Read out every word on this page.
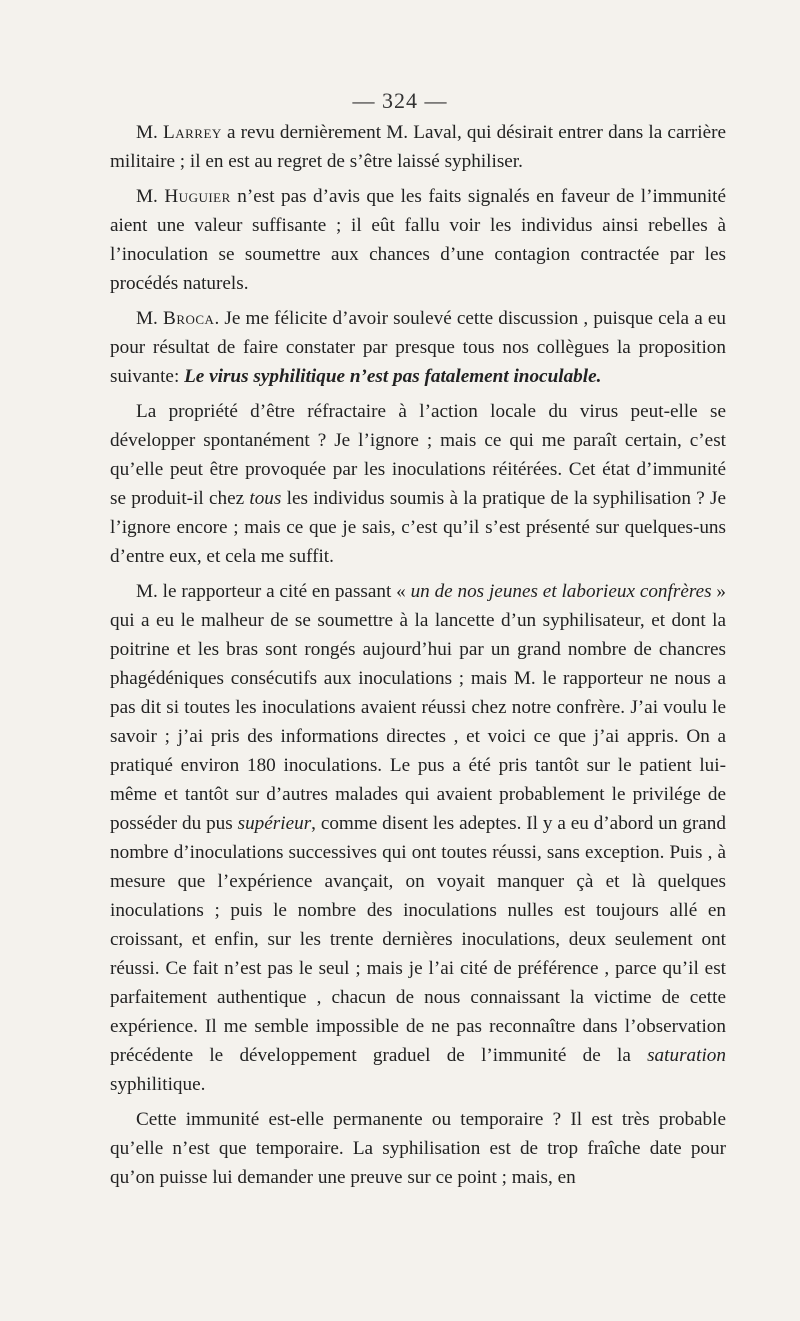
— 324 —

M. Larrey a revu dernièrement M. Laval, qui désirait entrer dans la carrière militaire ; il en est au regret de s’être laissé syphiliser.

M. Huguier n’est pas d’avis que les faits signalés en faveur de l’immunité aient une valeur suffisante ; il eût fallu voir les individus ainsi rebelles à l’inoculation se soumettre aux chances d’une contagion contractée par les procédés naturels.

M. Broca. Je me félicite d’avoir soulevé cette discussion , puisque cela a eu pour résultat de faire constater par presque tous nos collègues la proposition suivante: Le virus syphilitique n’est pas fatalement inoculable.

La propriété d’être réfractaire à l’action locale du virus peut-elle se développer spontanément ? Je l’ignore ; mais ce qui me paraît certain, c’est qu’elle peut être provoquée par les inoculations réitérées. Cet état d’immunité se produit-il chez tous les individus soumis à la pratique de la syphilisation ? Je l’ignore encore ; mais ce que je sais, c’est qu’il s’est présenté sur quelques-uns d’entre eux, et cela me suffit.

M. le rapporteur a cité en passant « un de nos jeunes et laborieux confrères » qui a eu le malheur de se soumettre à la lancette d’un syphilisateur, et dont la poitrine et les bras sont rongés aujourd’hui par un grand nombre de chancres phagédéniques consécutifs aux inoculations ; mais M. le rapporteur ne nous a pas dit si toutes les inoculations avaient réussi chez notre confrère. J’ai voulu le savoir ; j’ai pris des informations directes , et voici ce que j’ai appris. On a pratiqué environ 180 inoculations. Le pus a été pris tantôt sur le patient lui-même et tantôt sur d’autres malades qui avaient probablement le privilége de posséder du pus supérieur, comme disent les adeptes. Il y a eu d’abord un grand nombre d’inoculations successives qui ont toutes réussi, sans exception. Puis , à mesure que l’expérience avançait, on voyait manquer çà et là quelques inoculations ; puis le nombre des inoculations nulles est toujours allé en croissant, et enfin, sur les trente dernières inoculations, deux seulement ont réussi. Ce fait n’est pas le seul ; mais je l’ai cité de préférence , parce qu’il est parfaitement authentique , chacun de nous connaissant la victime de cette expérience. Il me semble impossible de ne pas reconnaître dans l’observation précédente le développement graduel de l’immunité de la saturation syphilitique.

Cette immunité est-elle permanente ou temporaire ? Il est très probable qu’elle n’est que temporaire. La syphilisation est de trop fraîche date pour qu’on puisse lui demander une preuve sur ce point ; mais, en
